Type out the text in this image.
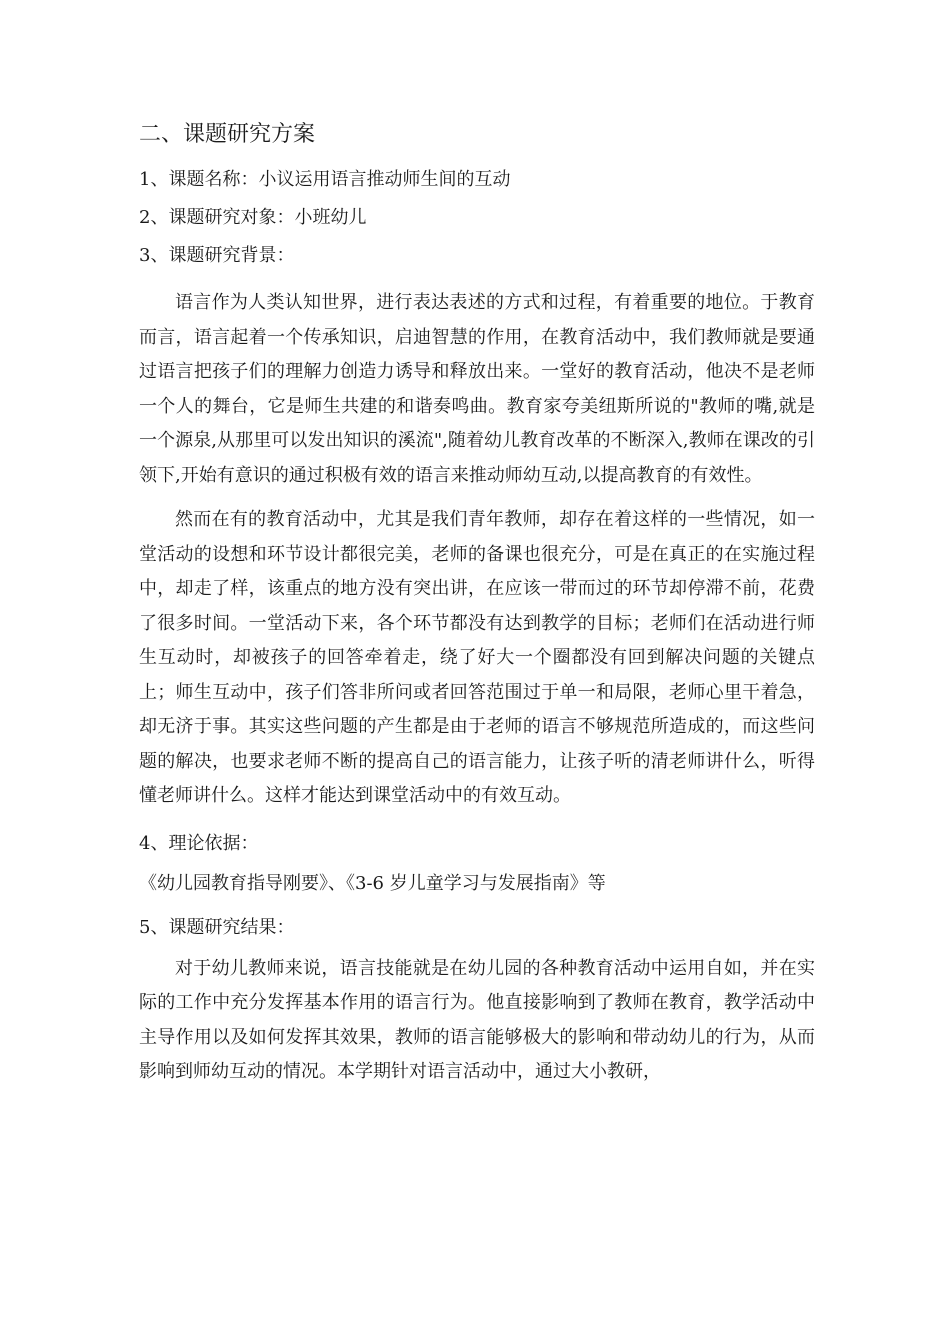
二、课题研究方案

1、课题名称：小议运用语言推动师生间的互动

2、课题研究对象：小班幼儿

3、课题研究背景：

语言作为人类认知世界，进行表达表述的方式和过程，有着重要的地位。于教育而言，语言起着一个传承知识，启迪智慧的作用，在教育活动中，我们教师就是要通过语言把孩子们的理解力创造力诱导和释放出来。一堂好的教育活动，他决不是老师一个人的舞台，它是师生共建的和谐奏鸣曲。教育家夸美纽斯所说的"教师的嘴,就是一个源泉,从那里可以发出知识的溪流",随着幼儿教育改革的不断深入,教师在课改的引领下,开始有意识的通过积极有效的语言来推动师幼互动,以提高教育的有效性。

然而在有的教育活动中，尤其是我们青年教师，却存在着这样的一些情况，如一堂活动的设想和环节设计都很完美，老师的备课也很充分，可是在真正的在实施过程中，却走了样，该重点的地方没有突出讲，在应该一带而过的环节却停滞不前，花费了很多时间。一堂活动下来，各个环节都没有达到教学的目标；老师们在活动进行师生互动时，却被孩子的回答牵着走，绕了好大一个圈都没有回到解决问题的关键点上；师生互动中，孩子们答非所问或者回答范围过于单一和局限，老师心里干着急，却无济于事。其实这些问题的产生都是由于老师的语言不够规范所造成的，而这些问题的解决，也要求老师不断的提高自己的语言能力，让孩子听的清老师讲什么，听得懂老师讲什么。这样才能达到课堂活动中的有效互动。

4、理论依据：

《幼儿园教育指导刚要》、《3-6 岁儿童学习与发展指南》等

5、课题研究结果：

对于幼儿教师来说，语言技能就是在幼儿园的各种教育活动中运用自如，并在实际的工作中充分发挥基本作用的语言行为。他直接影响到了教师在教育，教学活动中主导作用以及如何发挥其效果，教师的语言能够极大的影响和带动幼儿的行为，从而影响到师幼互动的情况。本学期针对语言活动中，通过大小教研，
